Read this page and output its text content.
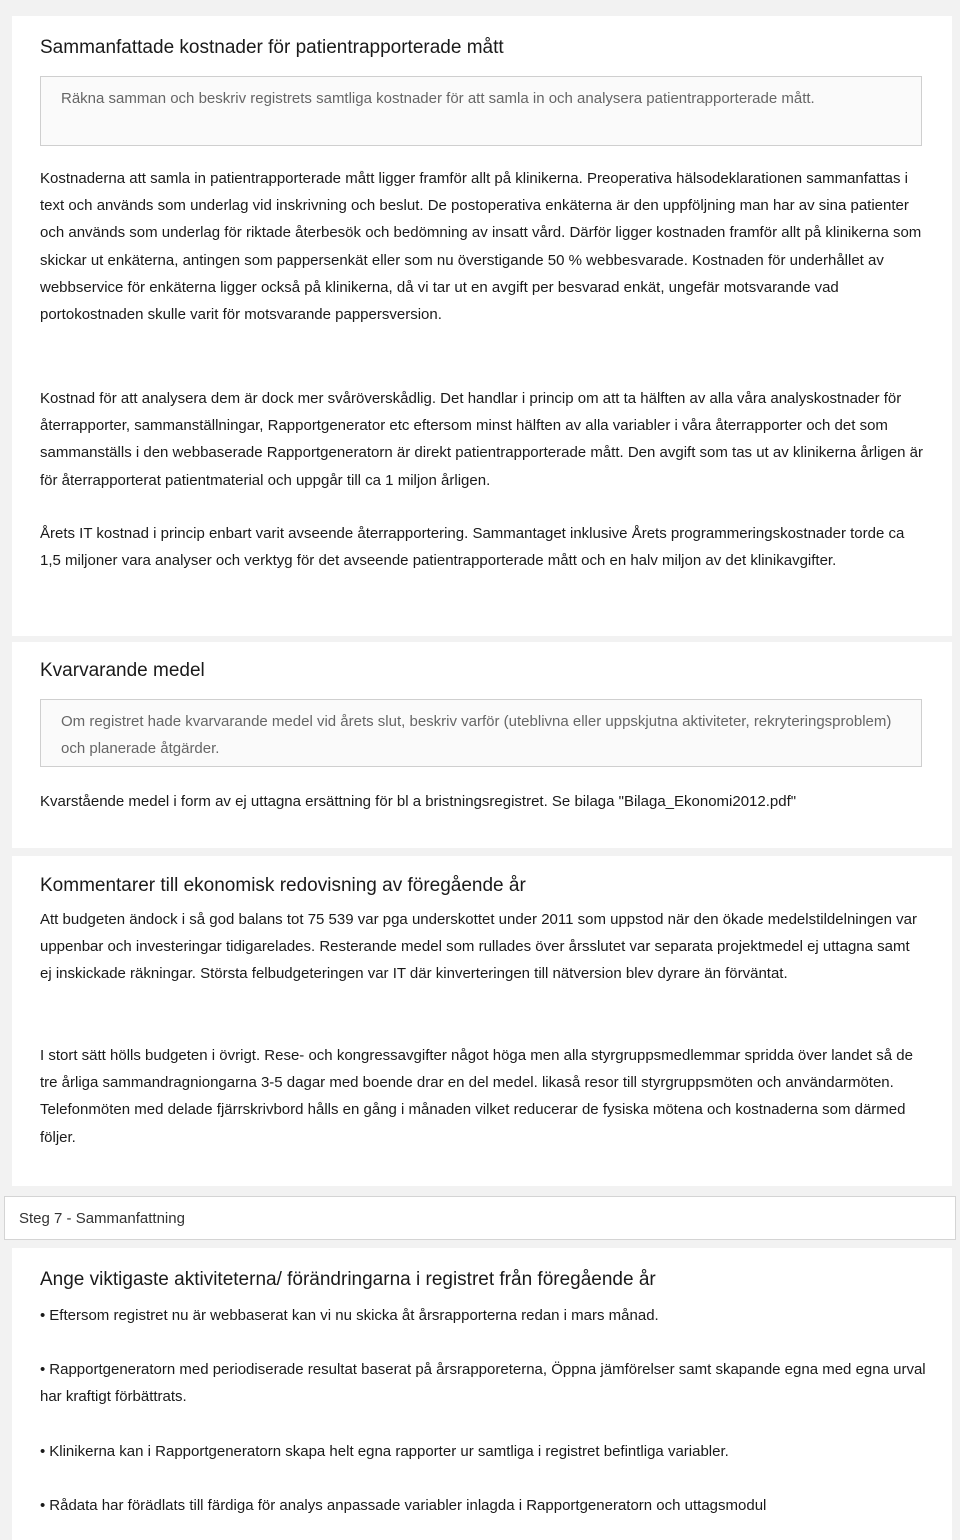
Sammanfattade kostnader för patientrapporterade mått
Räkna samman och beskriv registrets samtliga kostnader för att samla in och analysera patientrapporterade mått.

Kostnaderna att samla in patientrapporterade mått ligger framför allt på klinikerna. Preoperativa hälsodeklarationen sammanfattas i text och används som underlag vid inskrivning och beslut. De postoperativa enkäterna är den uppföljning man har av sina patienter och används som underlag för riktade återbesök och bedömning av insatt vård. Därför ligger kostnaden framför allt på klinikerna som skickar ut enkäterna, antingen som pappersenkät eller som nu överstigande 50 % webbesvarade. Kostnaden för underhållet av webbservice för enkäterna ligger också på klinikerna, då vi tar ut en avgift per besvarad enkät, ungefär motsvarande vad portokostnaden skulle varit för motsvarande pappersversion.

Kostnad för att analysera dem är dock mer svåröverskådlig. Det handlar i princip om att ta hälften av alla våra analyskostnader för återrapporter, sammanställningar, Rapportgenerator etc eftersom minst hälften av alla variabler i våra återrapporter och det som sammanställs i den webbaserade Rapportgeneratorn är direkt patientrapporterade mått. Den avgift som tas ut av klinikerna årligen är för återrapporterat patientmaterial och uppgår till ca 1 miljon årligen.

Årets IT kostnad i princip enbart varit avseende återrapportering. Sammantaget inklusive Årets programmeringskostnader torde ca 1,5 miljoner vara analyser och verktyg för det avseende patientrapporterade mått och en halv miljon av det klinikavgifter.

Kvarvarande medel
Om registret hade kvarvarande medel vid årets slut, beskriv varför (uteblivna eller uppskjutna aktiviteter, rekryteringsproblem) och planerade åtgärder.

Kvarstående medel i form av ej uttagna ersättning för bl a bristningsregistret. Se bilaga "Bilaga_Ekonomi2012.pdf"

Kommentarer till ekonomisk redovisning av föregående år

Att budgeten ändock i så god balans tot 75 539 var pga underskottet under 2011 som uppstod när den ökade medelstildelningen var uppenbar och investeringar tidigarelades. Resterande medel som rullades över årsslutet var separata projektmedel ej uttagna samt ej inskickade räkningar. Största felbudgeteringen var IT där kinverteringen till nätversion blev dyrare än förväntat.

I stort sätt hölls budgeten i övrigt. Rese- och kongressavgifter något höga men alla styrgruppsmedlemmar spridda över landet så de tre årliga sammandragniongarna 3-5 dagar med boende drar en del medel. likaså resor till styrgruppsmöten och användarmöten. Telefonmöten med delade fjärrskrivbord hålls en gång i månaden vilket reducerar de fysiska mötena och kostnaderna som därmed följer.

Steg 7 - Sammanfattning
Ange viktigaste aktiviteterna/ förändringarna i registret från föregående år

• Eftersom registret nu är webbaserat kan vi nu skicka åt årsrapporterna redan i mars månad.

• Rapportgeneratorn med periodiserade resultat baserat på årsrapporeterna, Öppna jämförelser samt skapande egna med egna urval har kraftigt förbättrats.

• Klinikerna kan i Rapportgeneratorn skapa helt egna rapporter ur samtliga i registret befintliga variabler.

• Rådata har förädlats till färdiga för analys anpassade variabler inlagda i Rapportgeneratorn och uttagsmodul
